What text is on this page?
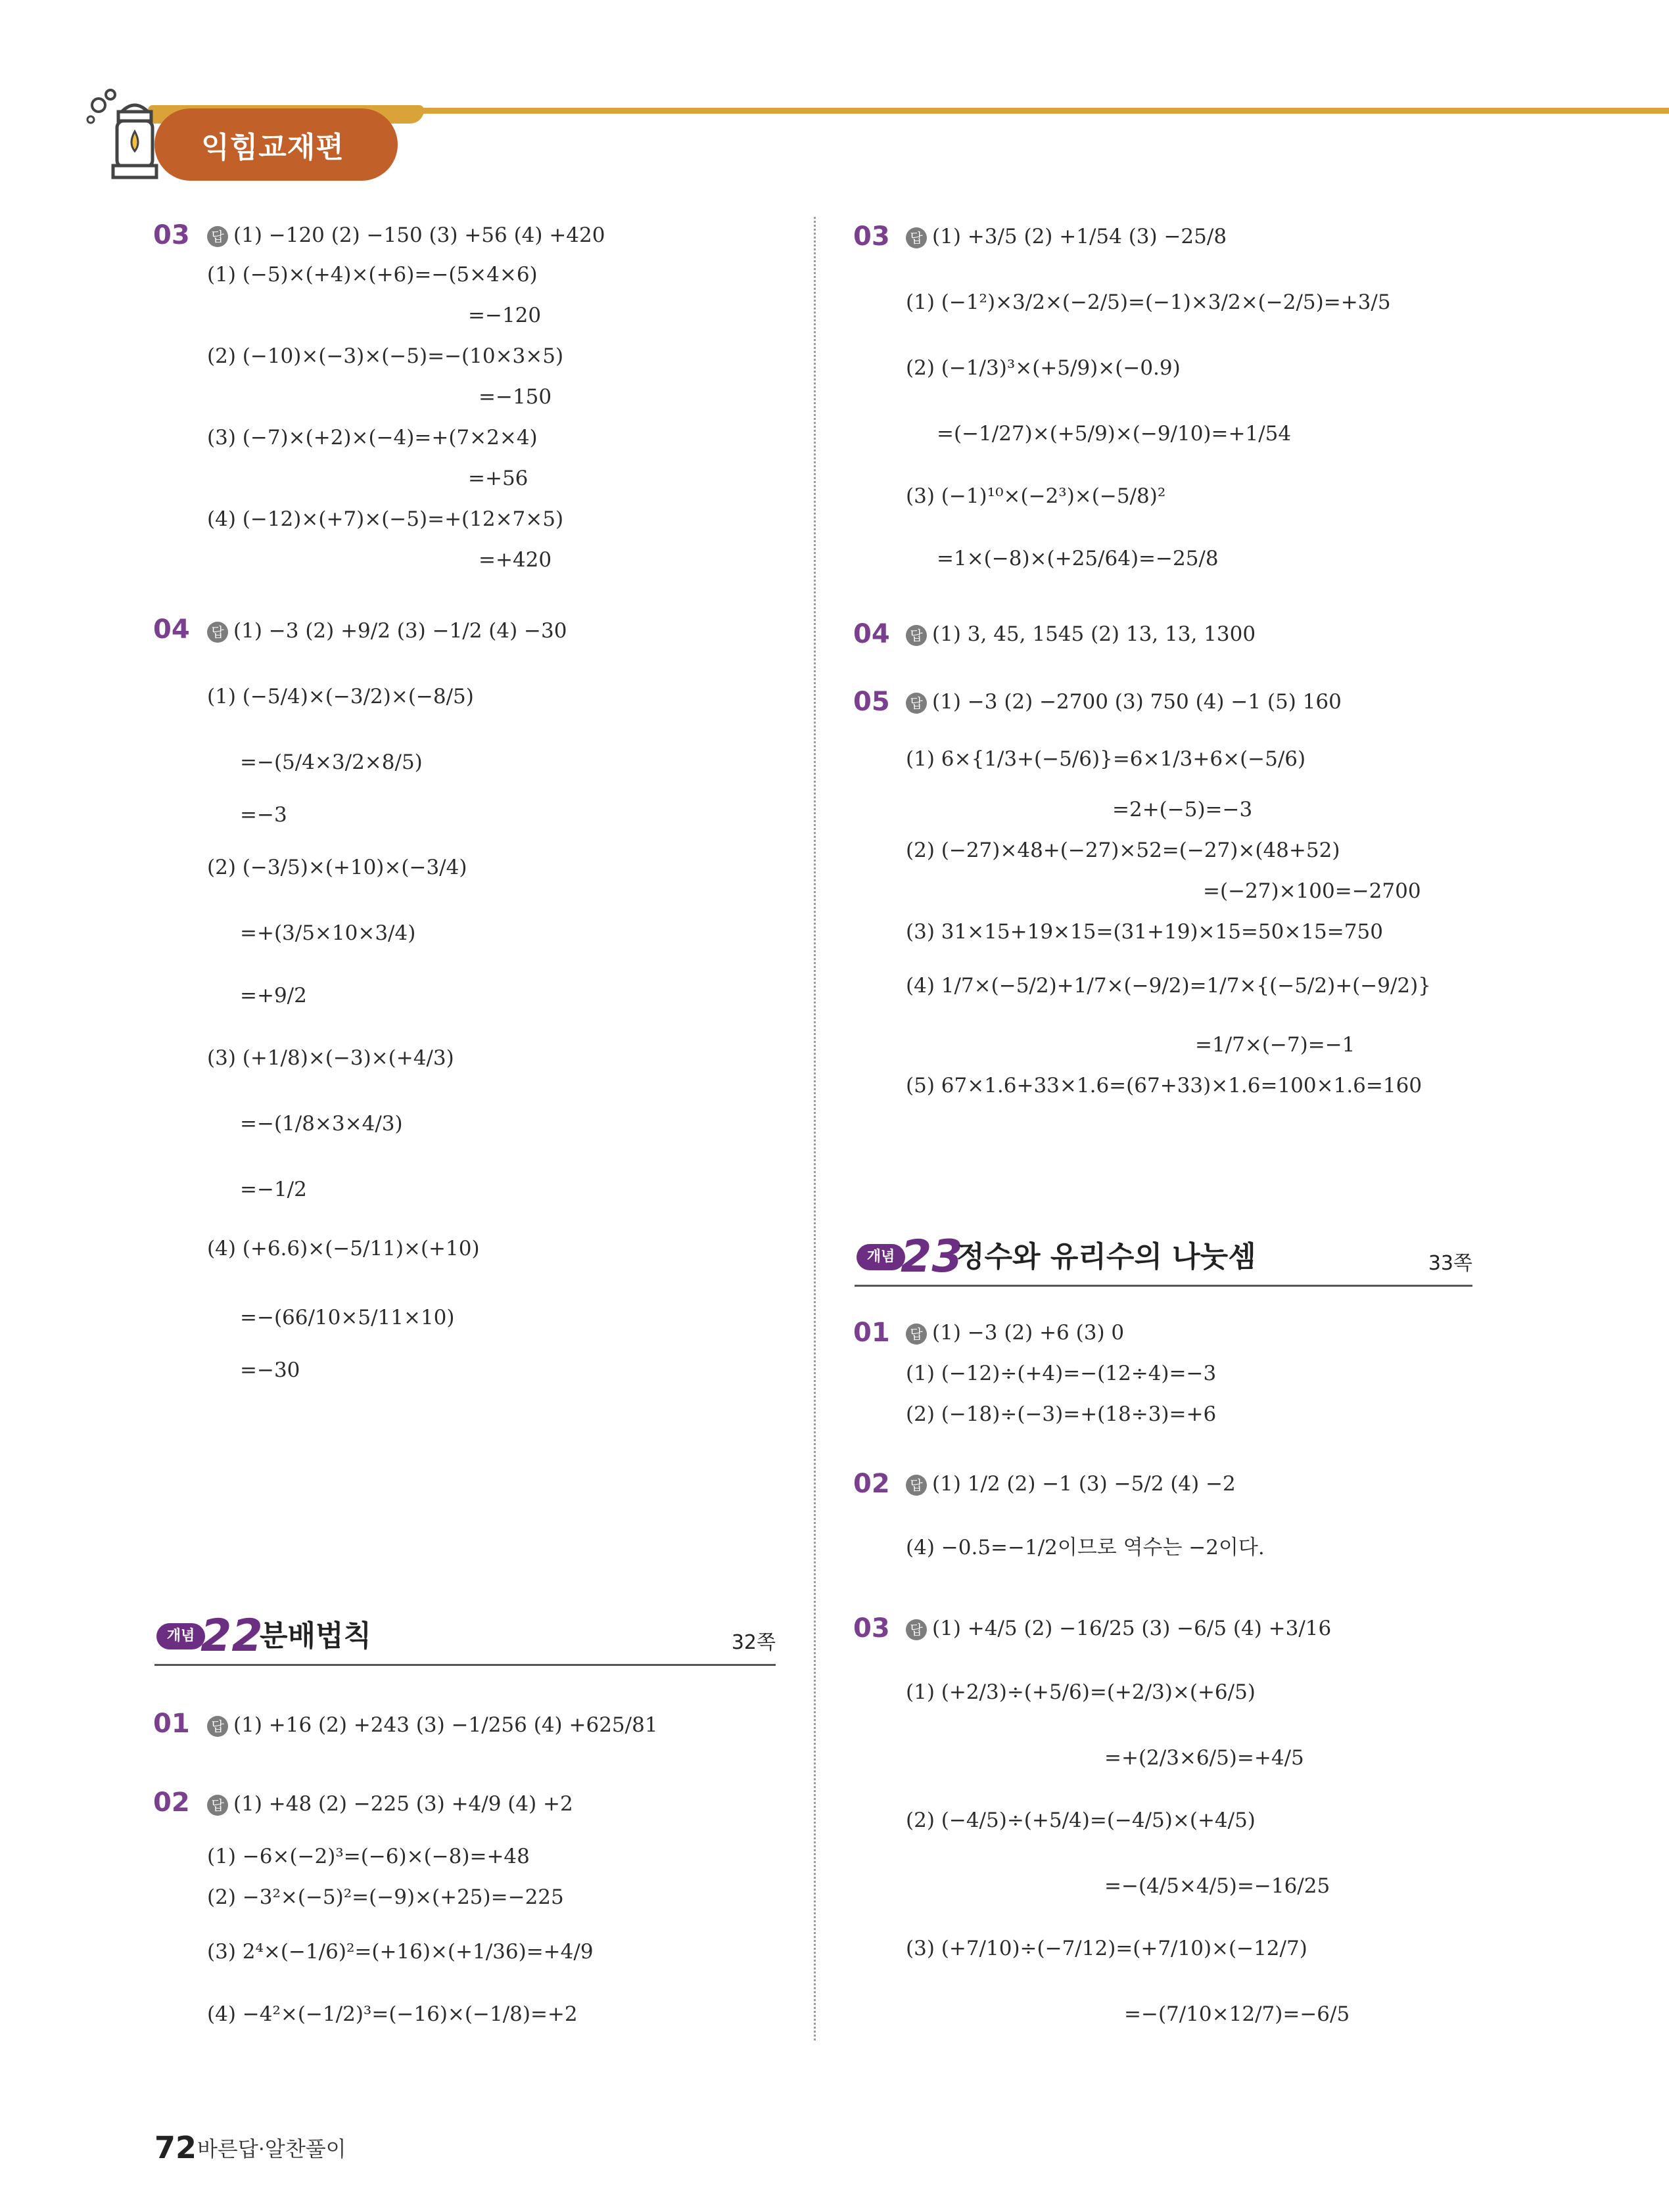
익힘교재편
03	답 (1) −120 (2) −150 (3) +56 (4) +420
(1) (−5)×(+4)×(+6)=−(5×4×6)
=−120
(2) (−10)×(−3)×(−5)=−(10×3×5)
=−150
(3) (−7)×(+2)×(−4)=+(7×2×4)
=+56
(4) (−12)×(+7)×(−5)=+(12×7×5)
=+420
04	답 (1) −3 (2) +9/2 (3) −1/2 (4) −30
(1) (−5/4)×(−3/2)×(−8/5)
=−(5/4×3/2×8/5)
=−3
(2) (−3/5)×(+10)×(−3/4)
=+(3/5×10×3/4)
=+9/2
(3) (+1/8)×(−3)×(+4/3)
=−(1/8×3×4/3)
=−1/2
(4) (+6.6)×(−5/11)×(+10)
=−(66/10×5/11×10)
=−30
개념 22
분배법칙	32쪽
01	답 (1) +16 (2) +243 (3) −1/256 (4) +625/81
02	답 (1) +48 (2) −225 (3) +4/9 (4) +2
(1) −6×(−2)³=(−6)×(−8)=+48
(2) −3²×(−5)²=(−9)×(+25)=−225
(3) 2⁴×(−1/6)²=(+16)×(+1/36)=+4/9
(4) −4²×(−1/2)³=(−16)×(−1/8)=+2
03	답 (1) +3/5 (2) +1/54 (3) −25/8
(1) (−1²)×3/2×(−2/5)=(−1)×3/2×(−2/5)=+3/5
(2) (−1/3)³×(+5/9)×(−0.9)
=(−1/27)×(+5/9)×(−9/10)=+1/54
(3) (−1)¹⁰×(−2³)×(−5/8)²
=1×(−8)×(+25/64)=−25/8
04	답 (1) 3, 45, 1545 (2) 13, 13, 1300
05	답 (1) −3 (2) −2700 (3) 750 (4) −1 (5) 160
(1) 6×{1/3+(−5/6)}=6×1/3+6×(−5/6)
=2+(−5)=−3
(2) (−27)×48+(−27)×52=(−27)×(48+52)
=(−27)×100=−2700
(3) 31×15+19×15=(31+19)×15=50×15=750
(4) 1/7×(−5/2)+1/7×(−9/2)=1/7×{(−5/2)+(−9/2)}
=1/7×(−7)=−1
(5) 67×1.6+33×1.6=(67+33)×1.6=100×1.6=160
개념 23
정수와 유리수의 나눗셈	33쪽
01	답 (1) −3 (2) +6 (3) 0
(1) (−12)÷(+4)=−(12÷4)=−3
(2) (−18)÷(−3)=+(18÷3)=+6
02	답 (1) 1/2 (2) −1 (3) −5/2 (4) −2
(4) −0.5=−1/2이므로 역수는 −2이다.
03	답 (1) +4/5 (2) −16/25 (3) −6/5 (4) +3/16
(1) (+2/3)÷(+5/6)=(+2/3)×(+6/5)
=+(2/3×6/5)=+4/5
(2) (−4/5)÷(+5/4)=(−4/5)×(+4/5)
=−(4/5×4/5)=−16/25
(3) (+7/10)÷(−7/12)=(+7/10)×(−12/7)
=−(7/10×12/7)=−6/5
72 바른답·알찬풀이
